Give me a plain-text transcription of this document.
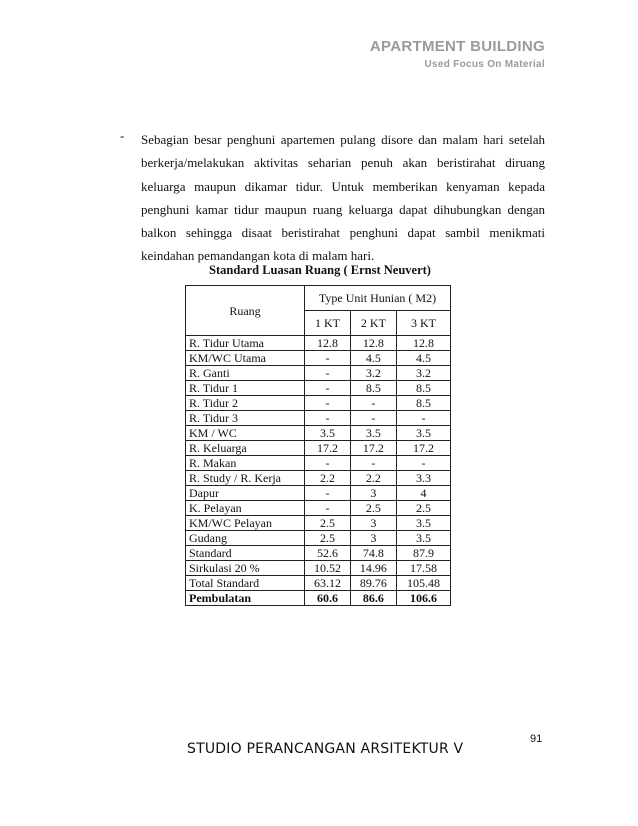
APARTMENT BUILDING
Used Focus On Material
- Sebagian besar penghuni apartemen pulang disore dan malam hari setelah berkerja/melakukan aktivitas seharian penuh akan beristirahat diruang keluarga maupun dikamar tidur. Untuk memberikan kenyaman kepada penghuni kamar tidur maupun ruang keluarga dapat dihubungkan dengan balkon sehingga disaat beristirahat penghuni dapat sambil menikmati keindahan pemandangan kota di malam hari.

Standard Luasan Ruang ( Ernst Neuvert)
Ruang	Type Unit Hunian ( M2)		
	1 KT	2 KT	3 KT
R. Tidur Utama	12.8	12.8	12.8
KM/WC Utama	-	4.5	4.5
R. Ganti	-	3.2	3.2
R. Tidur 1	-	8.5	8.5
R. Tidur 2	-	-	8.5
R. Tidur 3	-	-	-
KM / WC	3.5	3.5	3.5
R. Keluarga	17.2	17.2	17.2
R. Makan	-	-	-
R. Study / R. Kerja	2.2	2.2	3.3
Dapur	-	3	4
K. Pelayan	-	2.5	2.5
KM/WC Pelayan	2.5	3	3.5
Gudang	2.5	3	3.5
Standard	52.6	74.8	87.9
Sirkulasi 20 %	10.52	14.96	17.58
Total Standard	63.12	89.76	105.48
Pembulatan	60.6	86.6	106.6
91
STUDIO PERANCANGAN ARSITEKTUR V
